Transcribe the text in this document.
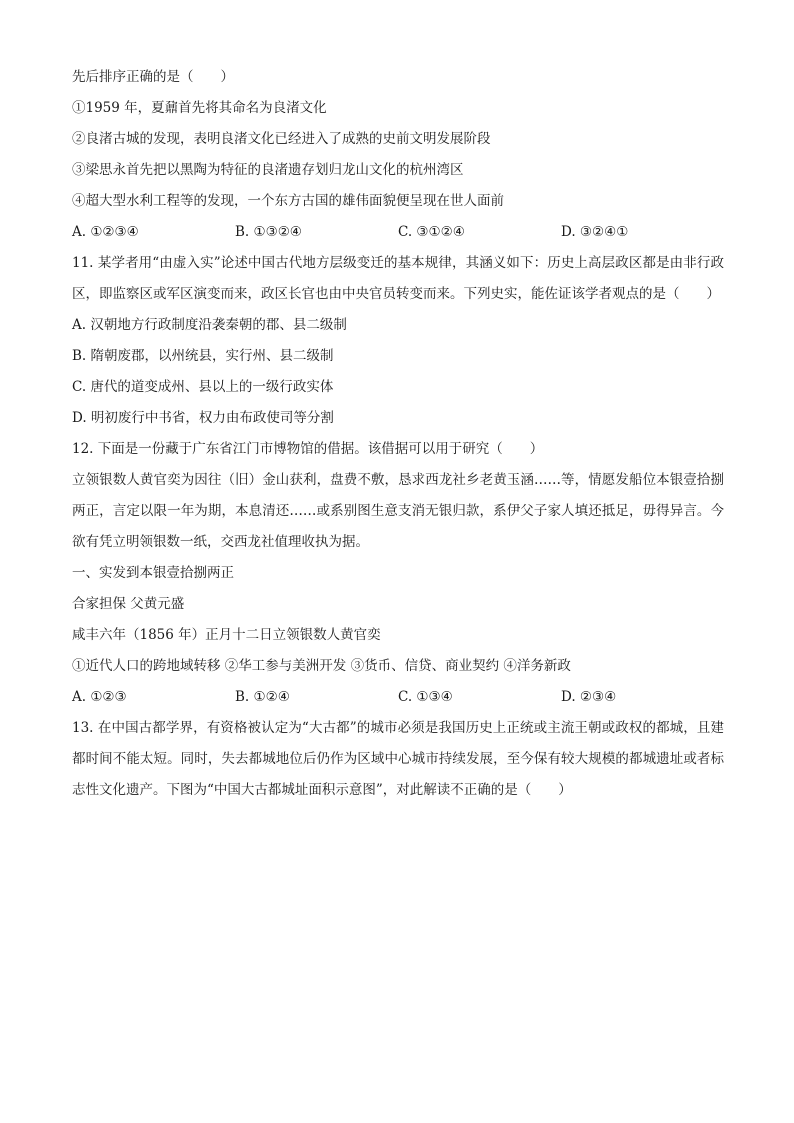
先后排序正确的是（　　）

①1959 年，夏鼐首先将其命名为良渚文化

②良渚古城的发现，表明良渚文化已经进入了成熟的史前文明发展阶段

③梁思永首先把以黑陶为特征的良渚遗存划归龙山文化的杭州湾区

④超大型水利工程等的发现，一个东方古国的雄伟面貌便呈现在世人面前

A. ①②③④	B. ①③②④	C. ③①②④	D. ③②④①

11. 某学者用“由虚入实”论述中国古代地方层级变迁的基本规律，其涵义如下：历史上高层政区都是由非行政区，即监察区或军区演变而来，政区长官也由中央官员转变而来。下列史实，能佐证该学者观点的是（　　）

A. 汉朝地方行政制度沿袭秦朝的郡、县二级制

B. 隋朝废郡，以州统县，实行州、县二级制

C. 唐代的道变成州、县以上的一级行政实体

D. 明初废行中书省，权力由布政使司等分割

12. 下面是一份藏于广东省江门市博物馆的借据。该借据可以用于研究（　　）

立领银数人黄官奕为因往（旧）金山获利，盘费不敷，恳求西龙社乡老黄玉涵……等，情愿发船位本银壹拾捌两正，言定以限一年为期，本息清还……或系别图生意支消无银归款，系伊父子家人填还抵足，毋得异言。今欲有凭立明领银数一纸，交西龙社值理收执为据。

一、实发到本银壹拾捌两正

合家担保 父黄元盛

咸丰六年（1856 年）正月十二日立领银数人黄官奕

①近代人口的跨地域转移 ②华工参与美洲开发 ③货币、信贷、商业契约 ④洋务新政

A. ①②③	B. ①②④	C. ①③④	D. ②③④

13. 在中国古都学界，有资格被认定为“大古都”的城市必须是我国历史上正统或主流王朝或政权的都城，且建都时间不能太短。同时，失去都城地位后仍作为区域中心城市持续发展，至今保有较大规模的都城遗址或者标志性文化遗产。下图为“中国大古都城址面积示意图”，对此解读不正确的是（　　）
